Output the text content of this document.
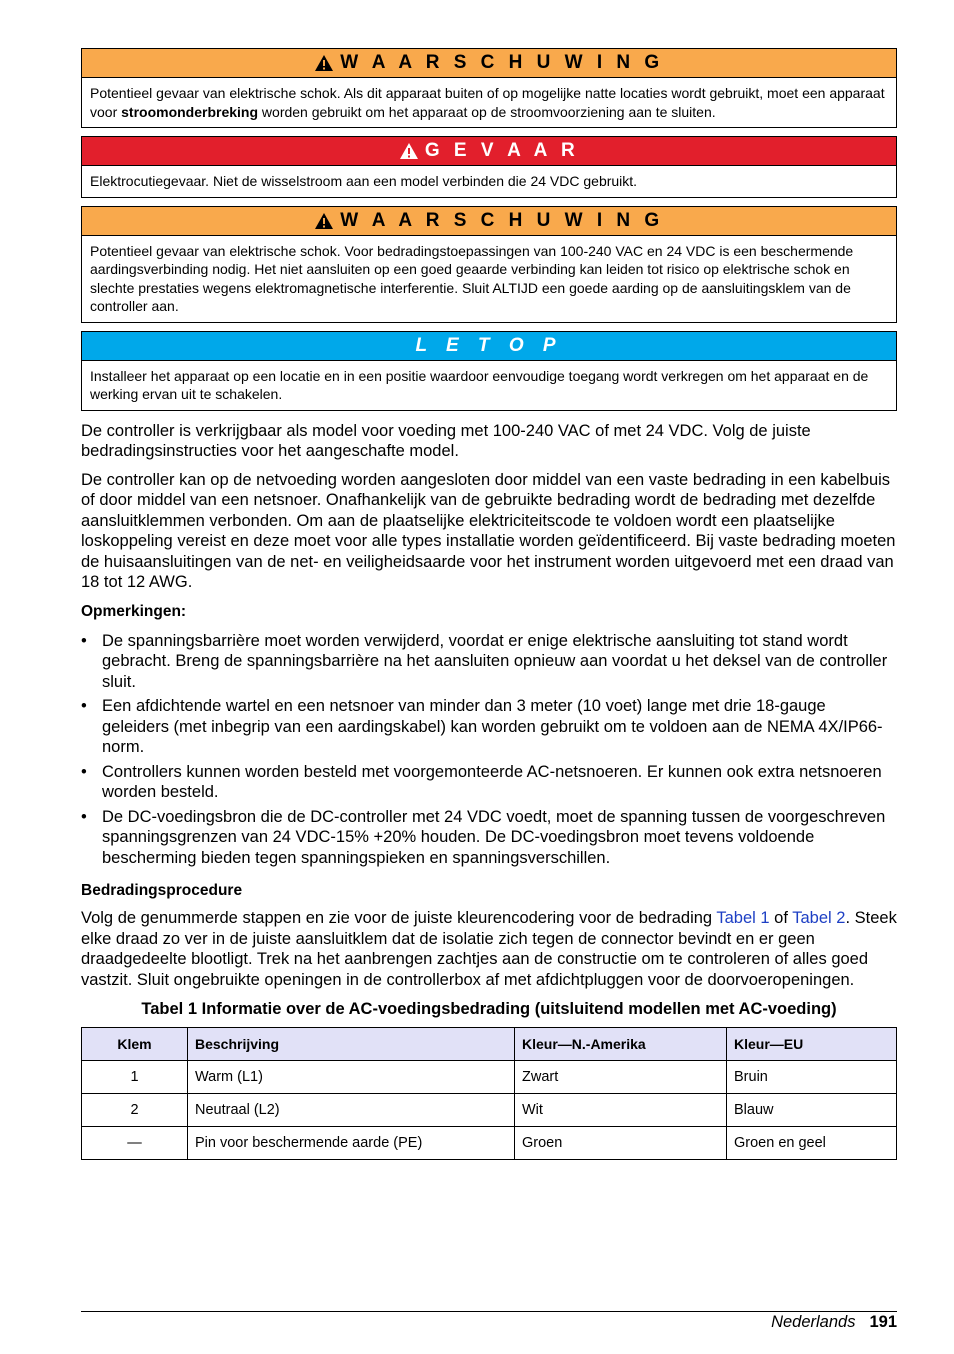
W A A R S C H U W I N G
Potentieel gevaar van elektrische schok. Als dit apparaat buiten of op mogelijke natte locaties wordt gebruikt, moet een apparaat voor stroomonderbreking worden gebruikt om het apparaat op de stroomvoorziening aan te sluiten.
G E V A A R
Elektrocutiegevaar. Niet de wisselstroom aan een model verbinden die 24 VDC gebruikt.
W A A R S C H U W I N G
Potentieel gevaar van elektrische schok. Voor bedradingstoepassingen van 100-240 VAC en 24 VDC is een beschermende aardingsverbinding nodig. Het niet aansluiten op een goed geaarde verbinding kan leiden tot risico op elektrische schok en slechte prestaties wegens elektromagnetische interferentie. Sluit ALTIJD een goede aarding op de aansluitingsklem van de controller aan.
L E T O P
Installeer het apparaat op een locatie en in een positie waardoor eenvoudige toegang wordt verkregen om het apparaat en de werking ervan uit te schakelen.

De controller is verkrijgbaar als model voor voeding met 100-240 VAC of met 24 VDC. Volg de juiste bedradingsinstructies voor het aangeschafte model.

De controller kan op de netvoeding worden aangesloten door middel van een vaste bedrading in een kabelbuis of door middel van een netsnoer. Onafhankelijk van de gebruikte bedrading wordt de bedrading met dezelfde aansluitklemmen verbonden. Om aan de plaatselijke elektriciteitscode te voldoen wordt een plaatselijke loskoppeling vereist en deze moet voor alle types installatie worden geïdentificeerd. Bij vaste bedrading moeten de huisaansluitingen van de net- en veiligheidsaarde voor het instrument worden uitgevoerd met een draad van 18 tot 12 AWG.

Opmerkingen:
• De spanningsbarrière moet worden verwijderd, voordat er enige elektrische aansluiting tot stand wordt gebracht. Breng de spanningsbarrière na het aansluiten opnieuw aan voordat u het deksel van de controller sluit.
• Een afdichtende wartel en een netsnoer van minder dan 3 meter (10 voet) lange met drie 18-gauge geleiders (met inbegrip van een aardingskabel) kan worden gebruikt om te voldoen aan de NEMA 4X/IP66-norm.
• Controllers kunnen worden besteld met voorgemonteerde AC-netsnoeren. Er kunnen ook extra netsnoeren worden besteld.
• De DC-voedingsbron die de DC-controller met 24 VDC voedt, moet de spanning tussen de voorgeschreven spanningsgrenzen van 24 VDC-15% +20% houden. De DC-voedingsbron moet tevens voldoende bescherming bieden tegen spanningspieken en spanningsverschillen.
Bedradingsprocedure

Volg de genummerde stappen en zie voor de juiste kleurencodering voor de bedrading Tabel 1 of Tabel 2. Steek elke draad zo ver in de juiste aansluitklem dat de isolatie zich tegen de connector bevindt en er geen draadgedeelte blootligt. Trek na het aanbrengen zachtjes aan de constructie om te controleren of alles goed vastzit. Sluit ongebruikte openingen in de controllerbox af met afdichtpluggen voor de doorvoeropeningen.

Tabel 1 Informatie over de AC-voedingsbedrading (uitsluitend modellen met AC-voeding)
Klem	Beschrijving	Kleur—N.-Amerika	Kleur—EU
1	Warm (L1)	Zwart	Bruin
2	Neutraal (L2)	Wit	Blauw
—	Pin voor beschermende aarde (PE)	Groen	Groen en geel
Nederlands 191
